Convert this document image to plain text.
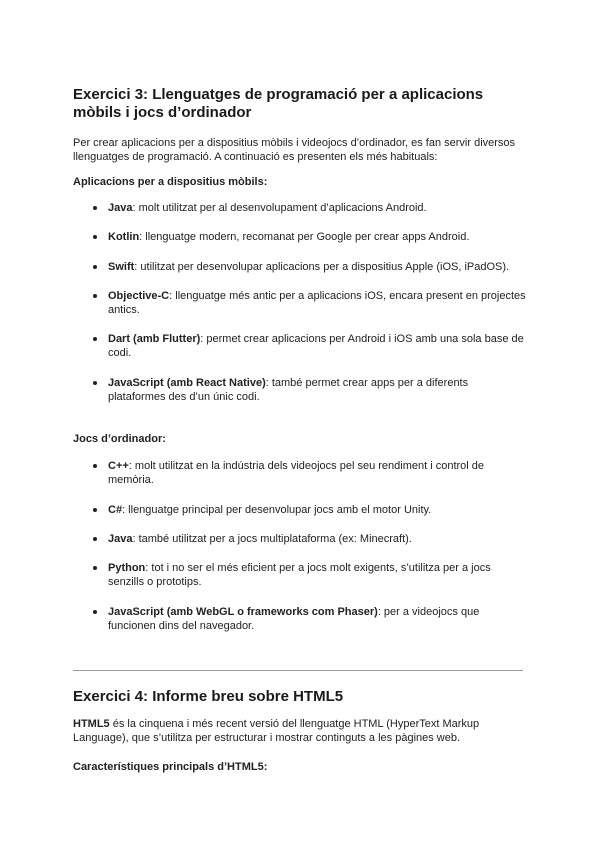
Exercici 3: Llenguatges de programació per a aplicacions mòbils i jocs d’ordinador

Per crear aplicacions per a dispositius mòbils i videojocs d’ordinador, es fan servir diversos llenguatges de programació. A continuació es presenten els més habituals:

Aplicacions per a dispositius mòbils:
Java: molt utilitzat per al desenvolupament d’aplicacions Android.
Kotlin: llenguatge modern, recomanat per Google per crear apps Android.
Swift: utilitzat per desenvolupar aplicacions per a dispositius Apple (iOS, iPadOS).
Objective-C: llenguatge més antic per a aplicacions iOS, encara present en projectes antics.
Dart (amb Flutter): permet crear aplicacions per Android i iOS amb una sola base de codi.
JavaScript (amb React Native): també permet crear apps per a diferents plataformes des d’un únic codi.
Jocs d’ordinador:
C++: molt utilitzat en la indústria dels videojocs pel seu rendiment i control de memòria.
C#: llenguatge principal per desenvolupar jocs amb el motor Unity.
Java: també utilitzat per a jocs multiplataforma (ex: Minecraft).
Python: tot i no ser el més eficient per a jocs molt exigents, s’utilitza per a jocs senzills o prototips.
JavaScript (amb WebGL o frameworks com Phaser): per a videojocs que funcionen dins del navegador.
Exercici 4: Informe breu sobre HTML5

HTML5 és la cinquena i més recent versió del llenguatge HTML (HyperText Markup Language), que s’utilitza per estructurar i mostrar continguts a les pàgines web.

Característiques principals d’HTML5:
